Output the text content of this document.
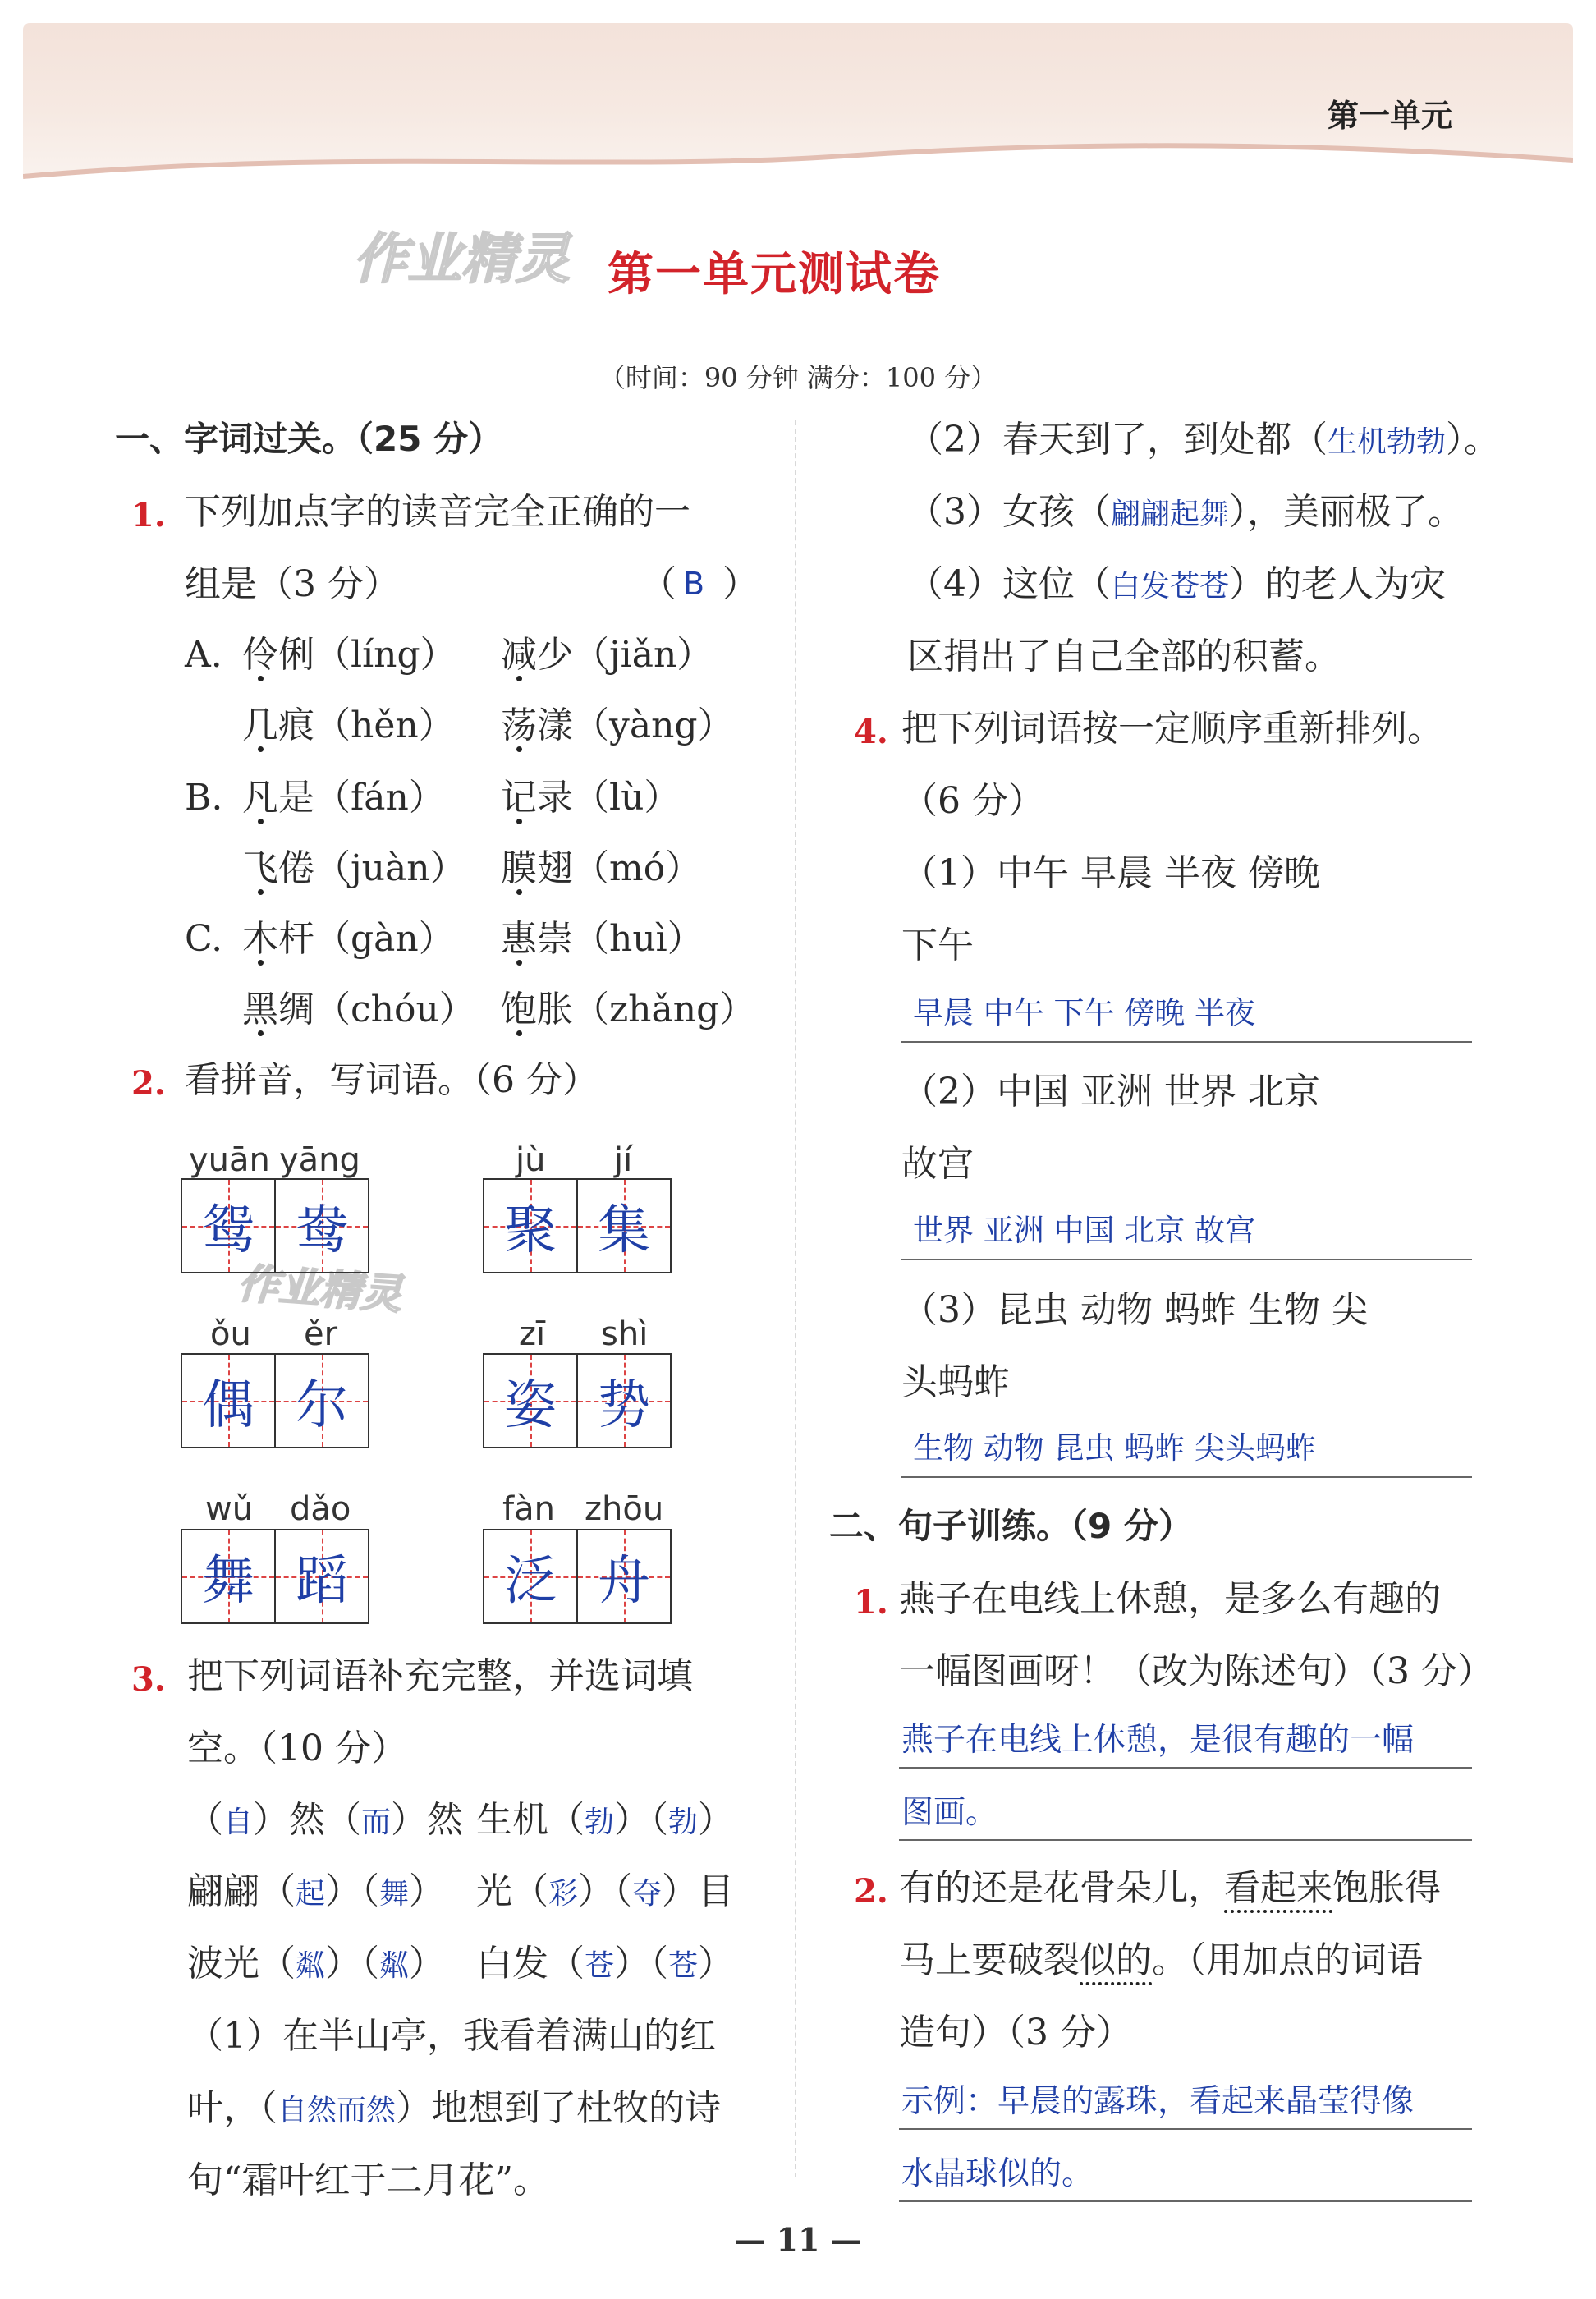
第一单元
作业精灵
作业精灵
第一单元测试卷
（时间：90 分钟 满分：100 分）
一、字词过关。（25 分）
1. 下列加点字的读音完全正确的一
组是（3 分）	（ B ）
A. 伶俐（líng） 减少（jiǎn）
几痕（hěn） 荡漾（yàng）
B. 凡是（fán） 记录（lù）
飞倦（juàn） 膜翅（mó）
C. 木杆（gàn） 惠崇（huì）
黑绸（chóu） 饱胀（zhǎng）
2. 看拼音，写词语。（6 分）
yuān yāng
鸳 鸯
jù jí
聚 集
ǒu ěr
偶 尔
zī shì
姿 势
wǔ dǎo
舞 蹈
fàn zhōu
泛 舟
3. 把下列词语补充完整，并选词填
空。（10 分）
（自）然（而）然 生机（勃）（勃）
翩翩（起）（舞） 光（彩）（夺）目
波光（粼）（粼） 白发（苍）（苍）
（1）在半山亭，我看着满山的红
叶，（自然而然）地想到了杜牧的诗
句“霜叶红于二月花”。
（2）春天到了，到处都（生机勃勃）。
（3）女孩（翩翩起舞），美丽极了。
（4）这位（白发苍苍）的老人为灾
区捐出了自己全部的积蓄。
4. 把下列词语按一定顺序重新排列。
（6 分）
（1）中午 早晨 半夜 傍晚
下午
早晨 中午 下午 傍晚 半夜
（2）中国 亚洲 世界 北京
故宫
世界 亚洲 中国 北京 故宫
（3）昆虫 动物 蚂蚱 生物 尖
头蚂蚱
生物 动物 昆虫 蚂蚱 尖头蚂蚱
二、句子训练。（9 分）
1. 燕子在电线上休憩，是多么有趣的
一幅图画呀！（改为陈述句）（3 分）
燕子在电线上休憩，是很有趣的一幅
图画。
2. 有的还是花骨朵儿，看起来饱胀得
马上要破裂似的。（用加点的词语
造句）（3 分）
示例：早晨的露珠，看起来晶莹得像
水晶球似的。
— 11 —
